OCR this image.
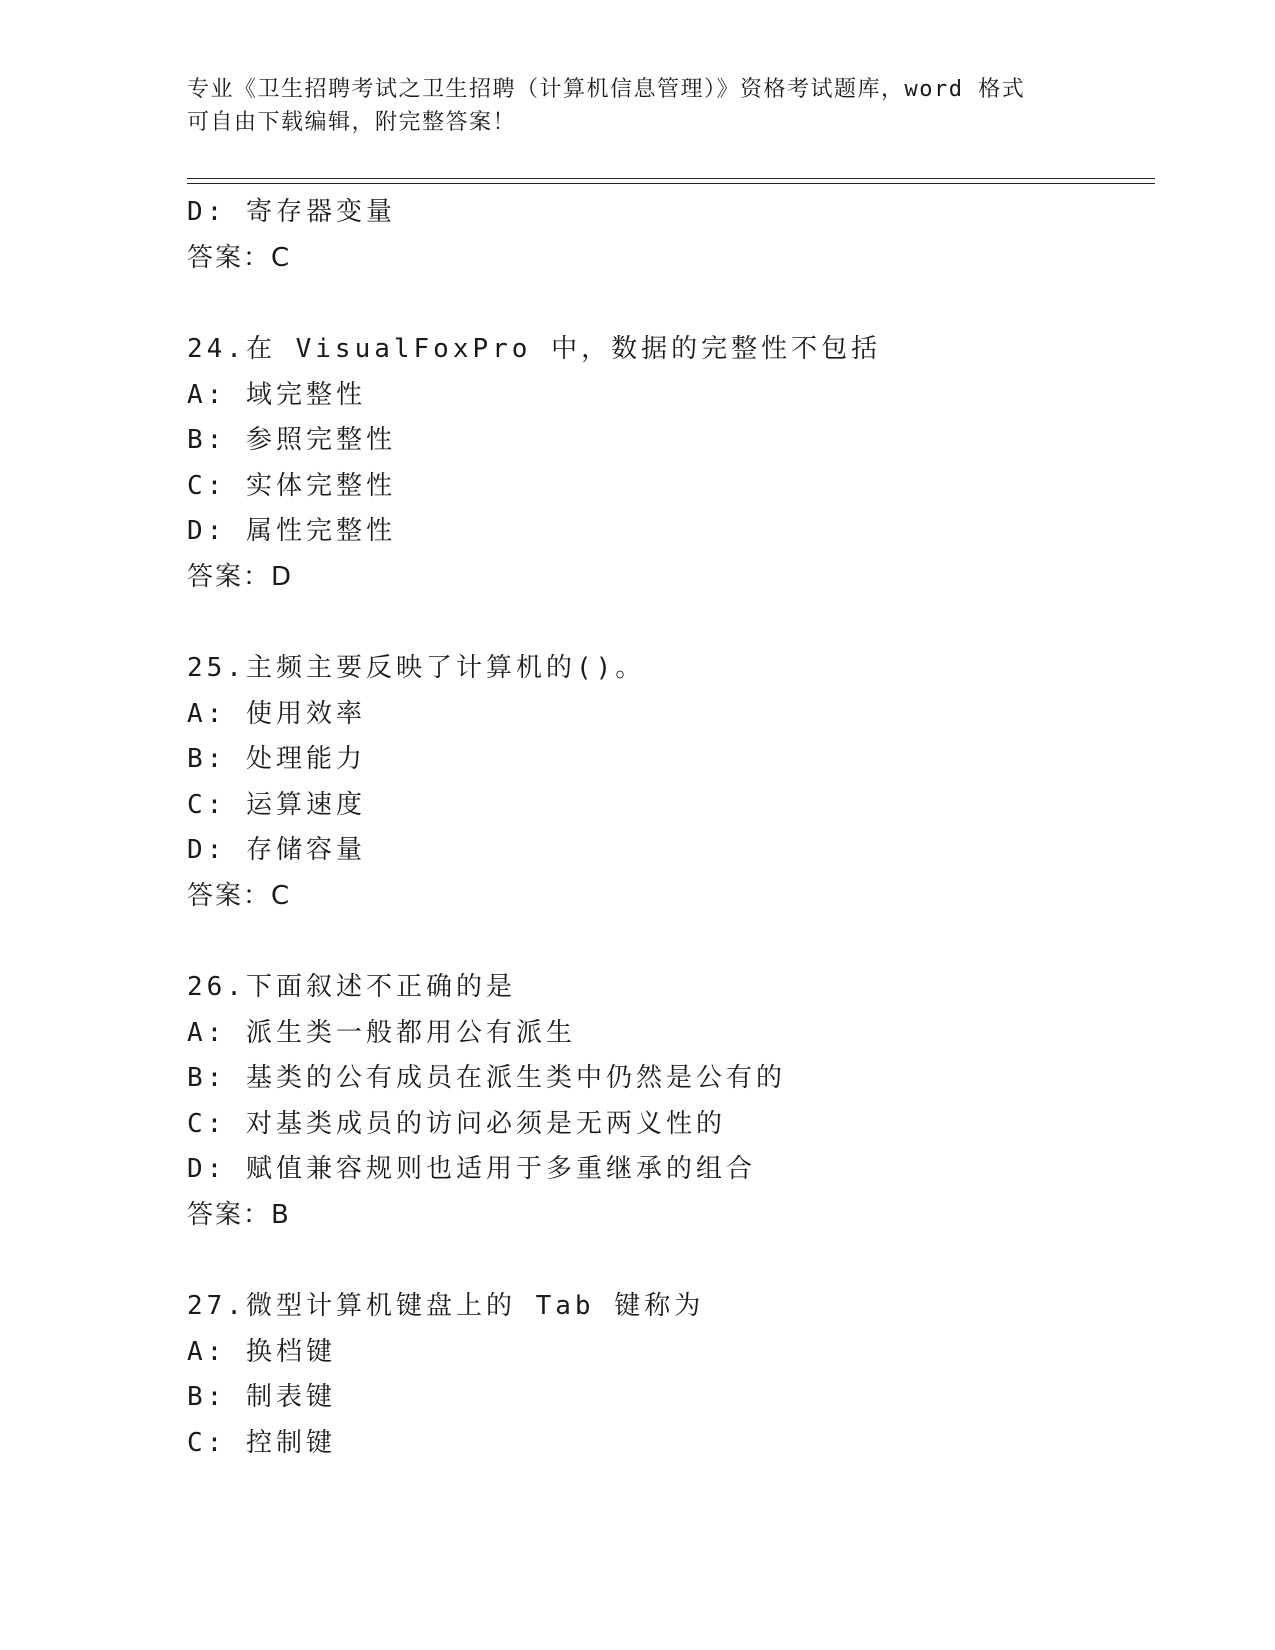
专业《卫生招聘考试之卫生招聘（计算机信息管理）》资格考试题库，word 格式
可自由下载编辑，附完整答案！
D: 寄存器变量
答案：C
24.在 VisualFoxPro 中，数据的完整性不包括
A: 域完整性
B: 参照完整性
C: 实体完整性
D: 属性完整性
答案：D
25.主频主要反映了计算机的()。
A: 使用效率
B: 处理能力
C: 运算速度
D: 存储容量
答案：C
26.下面叙述不正确的是
A: 派生类一般都用公有派生
B: 基类的公有成员在派生类中仍然是公有的
C: 对基类成员的访问必须是无两义性的
D: 赋值兼容规则也适用于多重继承的组合
答案：B
27.微型计算机键盘上的 Tab 键称为
A: 换档键
B: 制表键
C: 控制键
